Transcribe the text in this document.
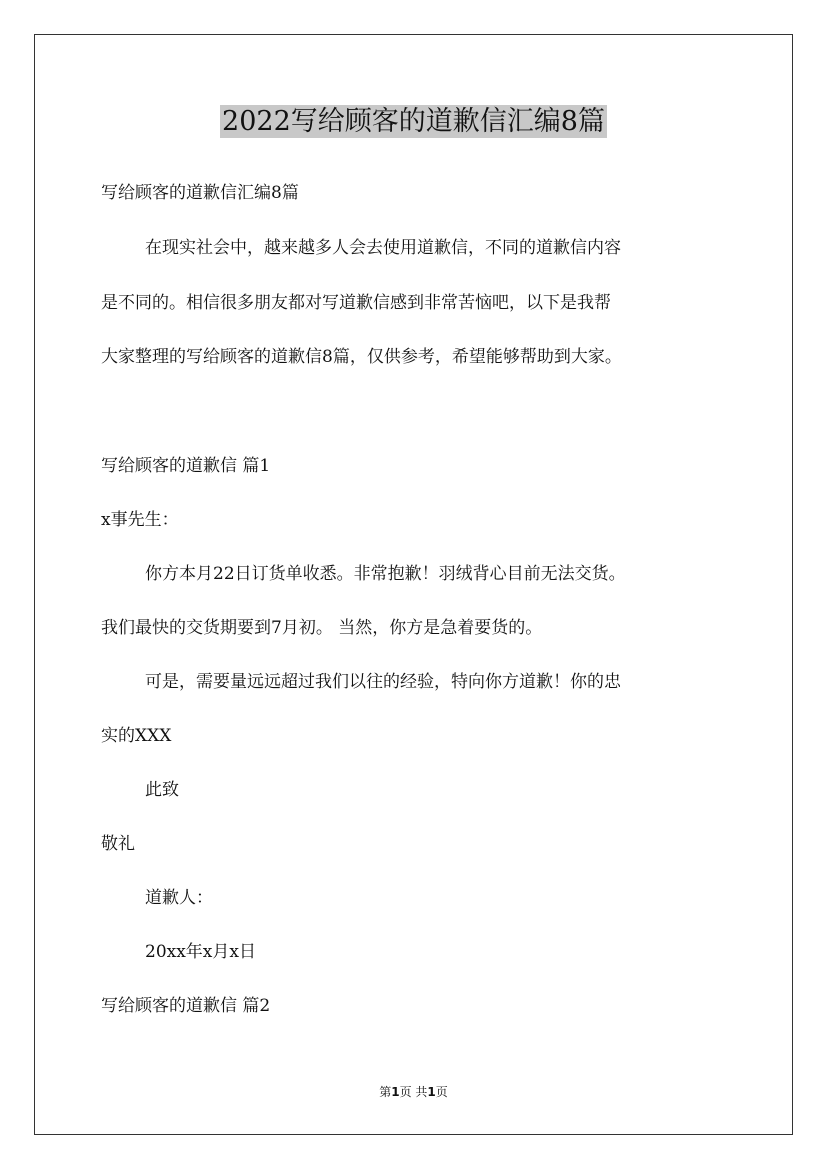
2022写给顾客的道歉信汇编8篇
写给顾客的道歉信汇编8篇
在现实社会中，越来越多人会去使用道歉信，不同的道歉信内容
是不同的。相信很多朋友都对写道歉信感到非常苦恼吧，以下是我帮
大家整理的写给顾客的道歉信8篇，仅供参考，希望能够帮助到大家。
写给顾客的道歉信 篇1
x事先生：
你方本月22日订货单收悉。非常抱歉！羽绒背心目前无法交货。
我们最快的交货期要到7月初。 当然，你方是急着要货的。
可是，需要量远远超过我们以往的经验，特向你方道歉！你的忠
实的XXX
此致
敬礼
道歉人：
20xx年x月x日
写给顾客的道歉信 篇2
第1页 共1页
